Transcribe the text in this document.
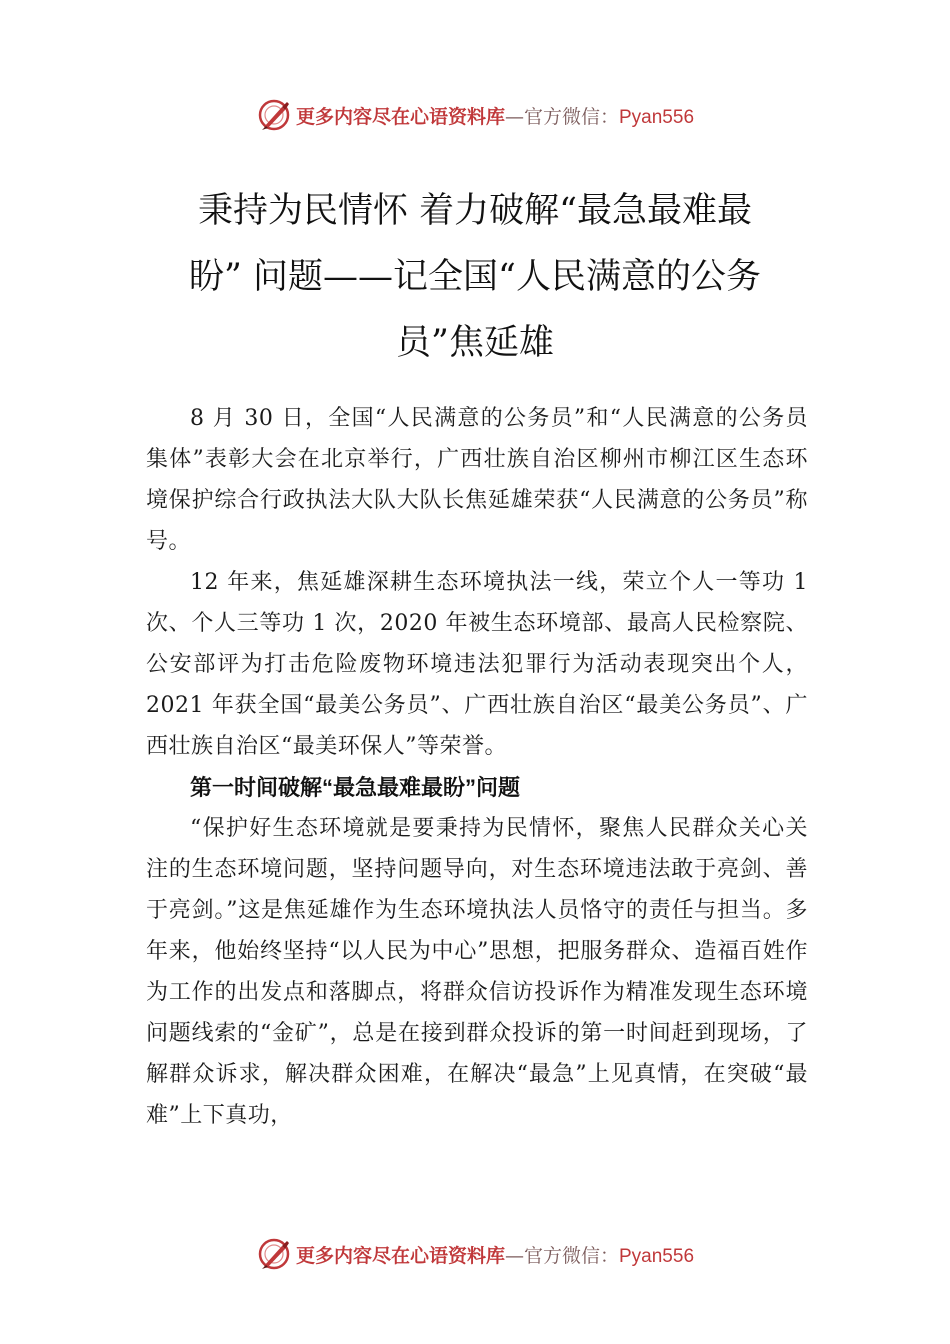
更多内容尽在心语资料库—官方微信：Pyan556
秉持为民情怀 着力破解“最急最难最
盼” 问题——记全国“人民满意的公务
员”焦延雄

8 月 30 日，全国“人民满意的公务员”和“人民满意的公务员集体”表彰大会在北京举行，广西壮族自治区柳州市柳江区生态环境保护综合行政执法大队大队长焦延雄荣获“人民满意的公务员”称号。

12 年来，焦延雄深耕生态环境执法一线，荣立个人一等功 1 次、个人三等功 1 次，2020 年被生态环境部、最高人民检察院、公安部评为打击危险废物环境违法犯罪行为活动表现突出个人，2021 年获全国“最美公务员”、广西壮族自治区“最美公务员”、广西壮族自治区“最美环保人”等荣誉。

第一时间破解“最急最难最盼”问题

“保护好生态环境就是要秉持为民情怀，聚焦人民群众关心关注的生态环境问题，坚持问题导向，对生态环境违法敢于亮剑、善于亮剑。”这是焦延雄作为生态环境执法人员恪守的责任与担当。多年来，他始终坚持“以人民为中心”思想，把服务群众、造福百姓作为工作的出发点和落脚点，将群众信访投诉作为精准发现生态环境问题线索的“金矿”，总是在接到群众投诉的第一时间赶到现场，了解群众诉求，解决群众困难，在解决“最急”上见真情，在突破“最难”上下真功，

更多内容尽在心语资料库—官方微信：Pyan556
